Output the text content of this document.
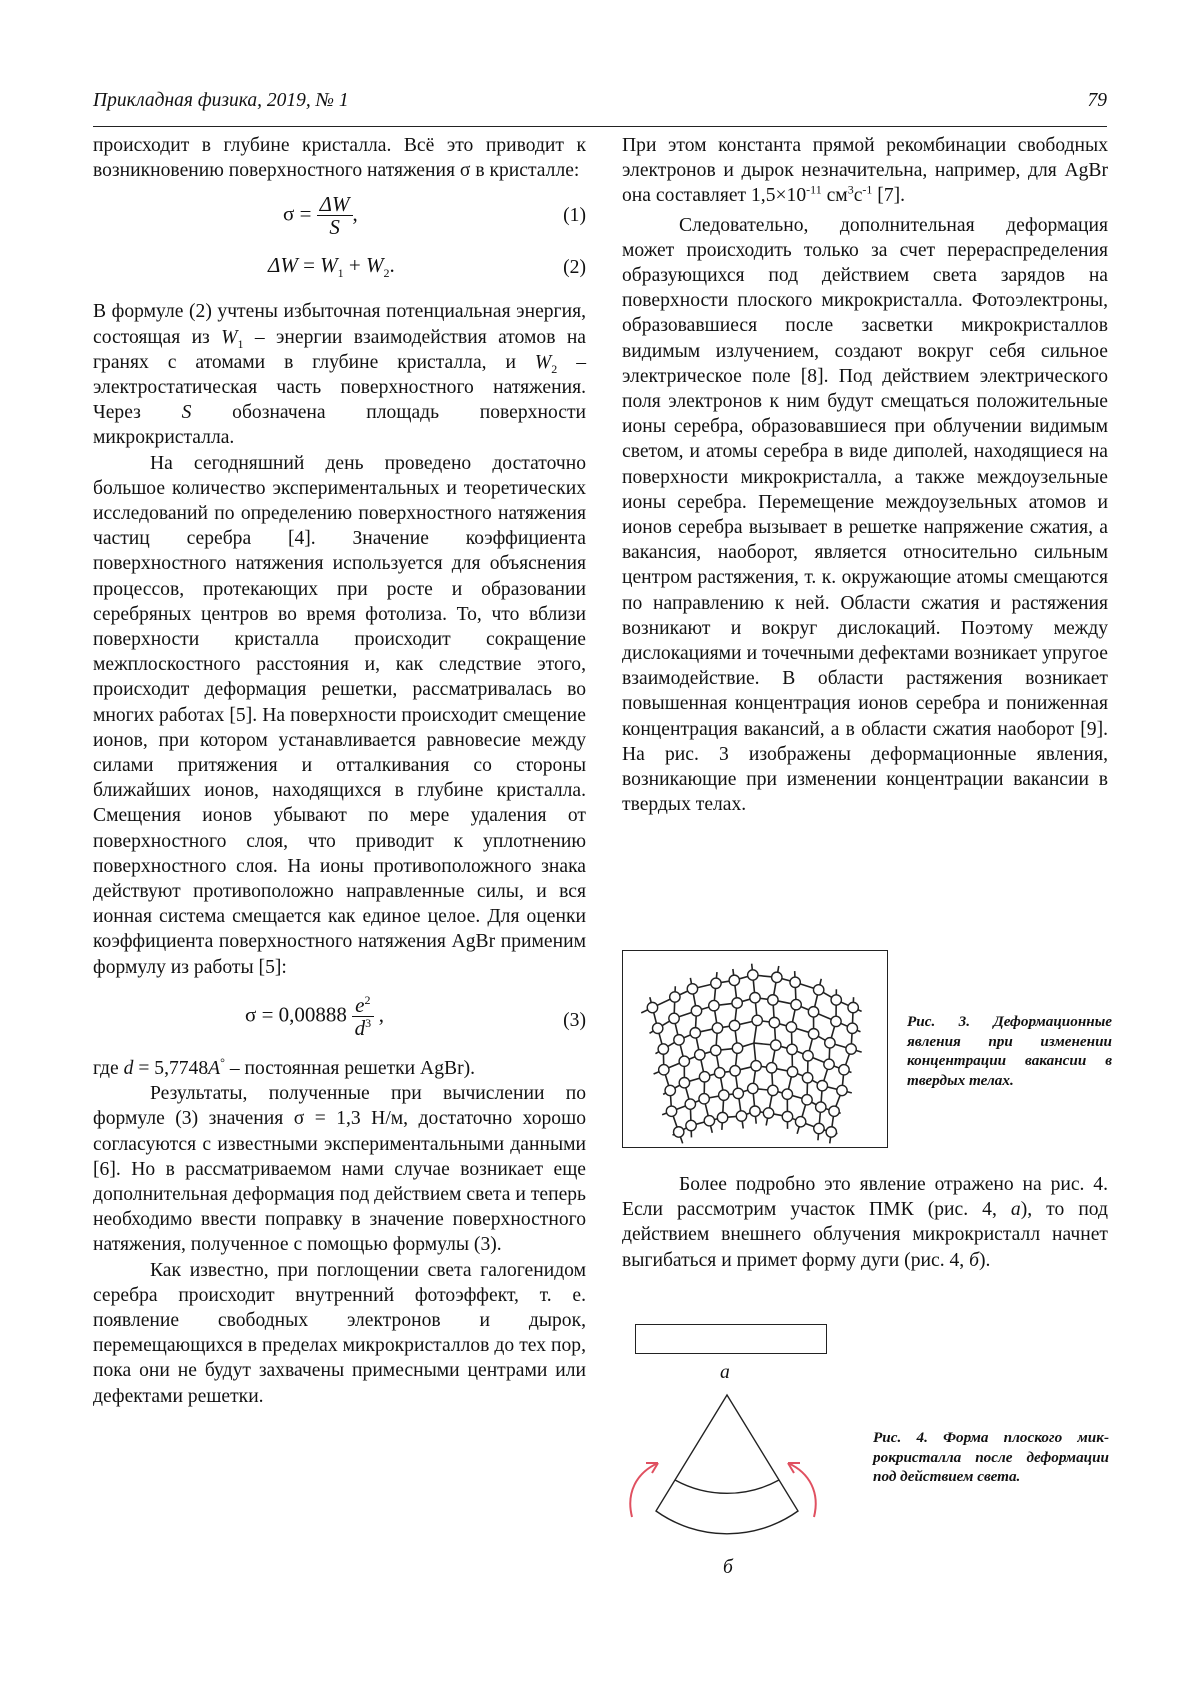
Прикладная физика, 2019, № 1	79

происходит в глубине кристалла. Всё это приводит к возникновению поверхностного натяжения σ в кристалле:

$\sigma = \frac{\Delta W}{S}$ ,	(1)
$\Delta W = W_1 + W_2$.	(2)

В формуле (2) учтены избыточная потенциальная энергия, состоящая из $W_1$ – энергии взаимодействия атомов на гранях с атомами в глубине кристалла, и $W_2$ – электростатическая часть поверхностного натяжения. Через S обозначена площадь поверхности микрокристалла.

На сегодняшний день проведено достаточно большое количество экспериментальных и теоретических исследований по определению поверхностного натяжения частиц серебра [4]. Значение коэффициента поверхностного натяжения используется для объяснения процессов, протекающих при росте и образовании серебряных центров во время фотолиза. То, что вблизи поверхности кристалла происходит сокращение межплоскостного расстояния и, как следствие этого, происходит деформация решетки, рассматривалась во многих работах [5]. На поверхности происходит смещение ионов, при котором устанавливается равновесие между силами притяжения и отталкивания со стороны ближайших ионов, находящихся в глубине кристалла. Смещения ионов убывают по мере удаления от поверхностного слоя, что приводит к уплотнению поверхностного слоя. На ионы противоположного знака действуют противоположно направленные силы, и вся ионная система смещается как единое целое. Для оценки коэффициента поверхностного натяжения AgBr применим формулу из работы [5]:

$\sigma = 0,00888 \frac{e^2}{d^3}$ ,	(3)

где d = 5,7748A° – постоянная решетки AgBr).

Результаты, полученные при вычислении по формуле (3) значения σ = 1,3 Н/м, достаточно хорошо согласуются с известными экспериментальными данными [6]. Но в рассматриваемом нами случае возникает еще дополнительная деформация под действием света и теперь необходимо ввести поправку в значение поверхностного натяжения, полученное с помощью формулы (3).

Как известно, при поглощении света галогенидом серебра происходит внутренний фотоэффект, т. е. появление свободных электронов и дырок, перемещающихся в пределах микрокристаллов до тех пор, пока они не будут захвачены примесными центрами или дефектами решетки.

При этом константа прямой рекомбинации свободных электронов и дырок незначительна, например, для AgBr она составляет $1,5\times 10^{-11}$ $см^3с^{-1}$ [7].

Следовательно, дополнительная деформация может происходить только за счет перераспределения образующихся под действием света зарядов на поверхности плоского микрокристалла. Фотоэлектроны, образовавшиеся после засветки микрокристаллов видимым излучением, создают вокруг себя сильное электрическое поле [8]. Под действием электрического поля электронов к ним будут смещаться положительные ионы серебра, образовавшиеся при облучении видимым светом, и атомы серебра в виде диполей, находящиеся на поверхности микрокристалла, а также междоузельные ионы серебра. Перемещение междоузельных атомов и ионов серебра вызывает в решетке напряжение сжатия, а вакансия, наоборот, является относительно сильным центром растяжения, т. к. окружающие атомы смещаются по направлению к ней. Области сжатия и растяжения возникают и вокруг дислокаций. Поэтому между дислокациями и точечными дефектами возникает упругое взаимодействие. В области растяжения возникает повышенная концентрация ионов серебра и пониженная концентрация вакансий, а в области сжатия наоборот [9]. На рис. 3 изображены деформационные явления, возникающие при изменении концентрации вакансии в твердых телах.

Рис. 3. Деформационные явления при изменении концентрации вакансии в твердых телах.

Более подробно это явление отражено на рис. 4. Если рассмотрим участок ПМК (рис. 4, а), то под действием внешнего облучения микрокристалл начнет выгибаться и примет форму дуги (рис. 4, б).

а
б
Рис. 4. Форма плоского микрокристалла после деформации под действием света.
